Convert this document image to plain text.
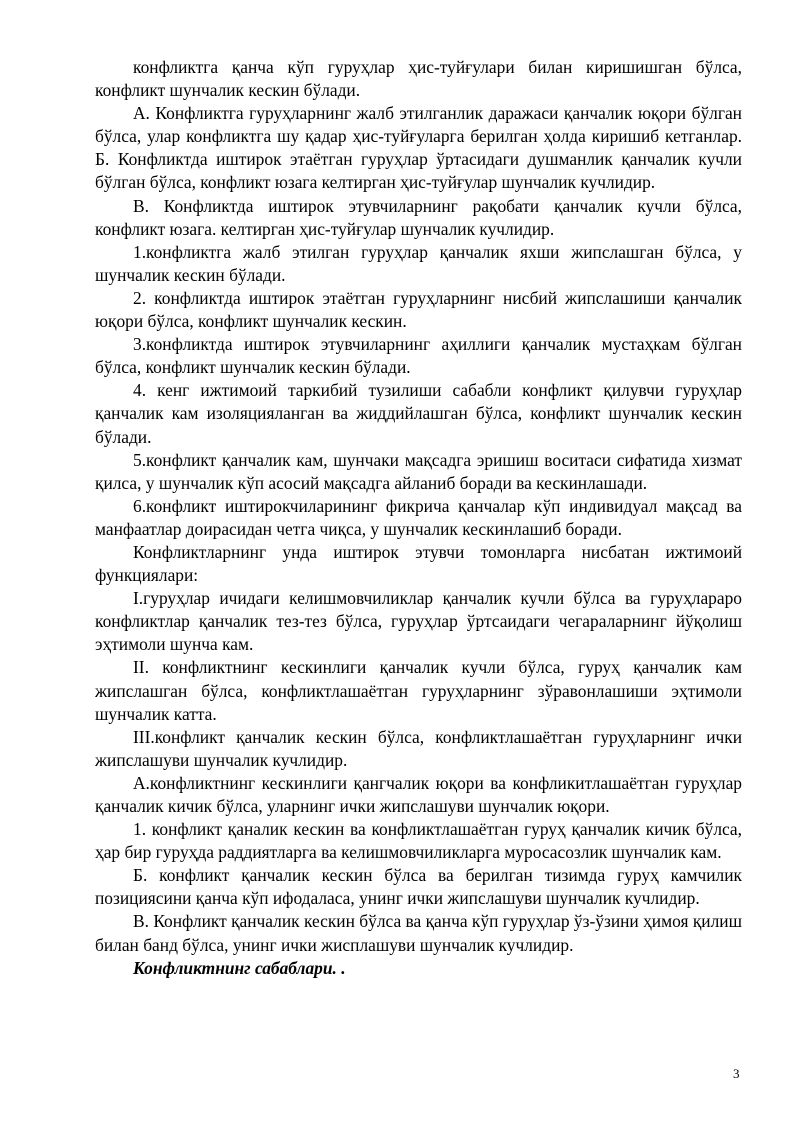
конфликтга қанча кўп гуруҳлар ҳис-туйғулари билан киришишган бўлса, конфликт шунчалик кескин бўлади.

А. Конфликтга гуруҳларнинг жалб этилганлик даражаси қанчалик юқори бўлган бўлса, улар конфликтга шу қадар ҳис-туйғуларга берилган ҳолда киришиб кетганлар. Б. Конфликтда иштирок этаётган гуруҳлар ўртасидаги душманлик қанчалик кучли бўлган бўлса, конфликт юзага келтирган ҳис-туйғулар шунчалик кучлидир.

В. Конфликтда иштирок этувчиларнинг рақобати қанчалик кучли бўлса, конфликт юзага. келтирган ҳис-туйғулар шунчалик кучлидир.

1.конфликтга жалб этилган гуруҳлар қанчалик яхши жипслашган бўлса, у шунчалик кескин бўлади.

2. конфликтда иштирок этаётган гуруҳларнинг нисбий жипслашиши қанчалик юқори бўлса, конфликт шунчалик кескин.

3.конфликтда иштирок этувчиларнинг аҳиллиги қанчалик мустаҳкам бўлган бўлса, конфликт шунчалик кескин бўлади.

4. кенг ижтимоий таркибий тузилиши сабабли конфликт қилувчи гуруҳлар қанчалик кам изоляцияланган ва жиддийлашган бўлса, конфликт шунчалик кескин бўлади.

5.конфликт қанчалик кам, шунчаки мақсадга эришиш воситаси сифатида хизмат қилса, у шунчалик кўп асосий мақсадга айланиб боради ва кескинлашади.

6.конфликт иштирокчиларининг фикрича қанчалар кўп индивидуал мақсад ва манфаатлар доирасидан четга чиқса, у шунчалик кескинлашиб боради.

Конфликтларнинг унда иштирок этувчи томонларга нисбатан ижтимоий функциялари:

I.гуруҳлар ичидаги келишмовчиликлар қанчалик кучли бўлса ва гуруҳлараро конфликтлар қанчалик тез-тез бўлса, гуруҳлар ўртсаидаги чегараларнинг йўқолиш эҳтимоли шунча кам.

II. конфликтнинг кескинлиги қанчалик кучли бўлса, гуруҳ қанчалик кам жипслашган бўлса, конфликтлашаётган гуруҳларнинг зўравонлашиши эҳтимоли шунчалик катта.

III.конфликт қанчалик кескин бўлса, конфликтлашаётган гуруҳларнинг ички жипслашуви шунчалик кучлидир.

А.конфликтнинг кескинлиги қангчалик юқори ва конфликитлашаётган гуруҳлар қанчалик кичик бўлса, уларнинг ички жипслашуви шунчалик юқори.

1. конфликт қаналик кескин ва конфликтлашаётган гуруҳ қанчалик кичик бўлса, ҳар бир гуруҳда раддиятларга ва келишмовчиликларга муросасозлик шунчалик кам.

Б. конфликт қанчалик кескин бўлса ва берилган тизимда гуруҳ камчилик позициясини қанча кўп ифодаласа, унинг ички жипслашуви шунчалик кучлидир.

В. Конфликт қанчалик кескин бўлса ва қанча кўп гуруҳлар ўз-ўзини ҳимоя қилиш билан банд бўлса, унинг ички жисплашуви шунчалик кучлидир.

Конфликтнинг сабаблари. .

3
